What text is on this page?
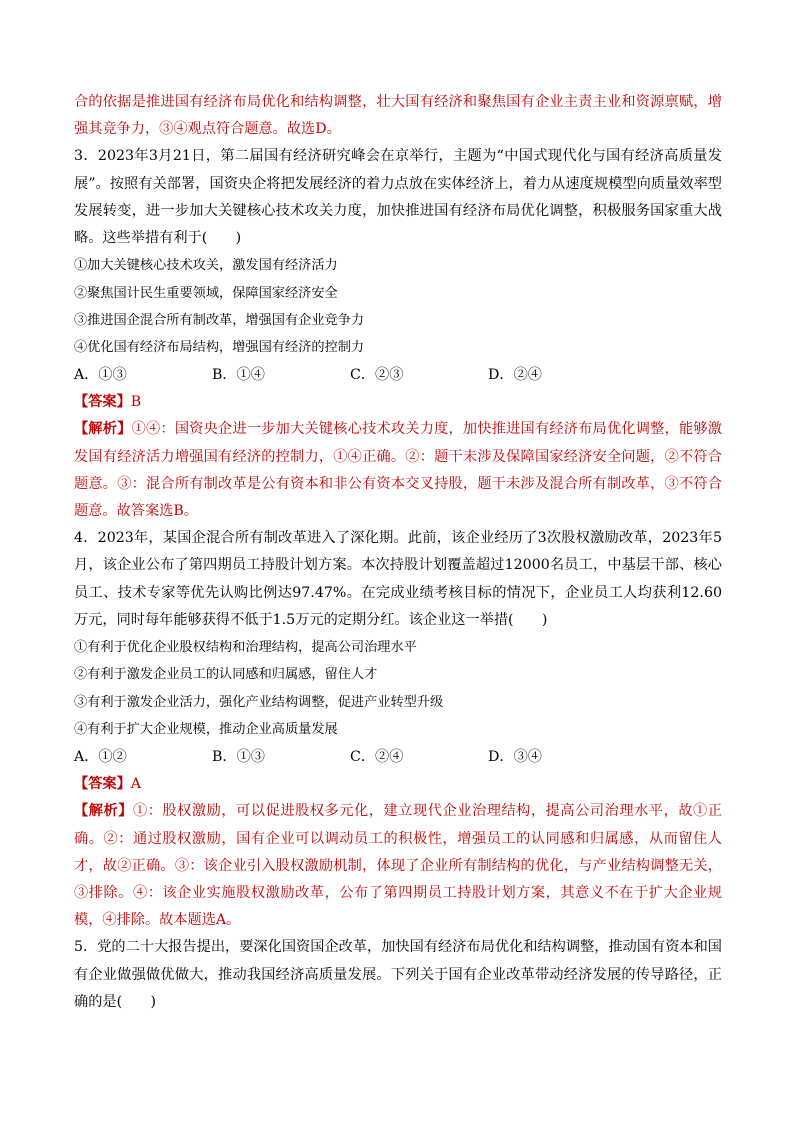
合的依据是推进国有经济布局优化和结构调整，壮大国有经济和聚焦国有企业主责主业和资源禀赋，增强其竞争力，③④观点符合题意。故选D。

3．2023年3月21日，第二届国有经济研究峰会在京举行，主题为“中国式现代化与国有经济高质量发展”。按照有关部署，国资央企将把发展经济的着力点放在实体经济上，着力从速度规模型向质量效率型发展转变，进一步加大关键核心技术攻关力度，加快推进国有经济布局优化调整，积极服务国家重大战略。这些举措有利于(　　)

①加大关键核心技术攻关，激发国有经济活力

②聚焦国计民生重要领域，保障国家经济安全

③推进国企混合所有制改革，增强国有企业竞争力

④优化国有经济布局结构，增强国有经济的控制力

A．①③	B．①④	C．②③	D．②④

【答案】B

【解析】①④：国资央企进一步加大关键核心技术攻关力度，加快推进国有经济布局优化调整，能够激发国有经济活力增强国有经济的控制力，①④正确。②：题干未涉及保障国家经济安全问题，②不符合题意。③：混合所有制改革是公有资本和非公有资本交叉持股，题干未涉及混合所有制改革，③不符合题意。故答案选B。

4．2023年，某国企混合所有制改革进入了深化期。此前，该企业经历了3次股权激励改革，2023年5月，该企业公布了第四期员工持股计划方案。本次持股计划覆盖超过12000名员工，中基层干部、核心员工、技术专家等优先认购比例达97.47%。在完成业绩考核目标的情况下，企业员工人均获利12.60万元，同时每年能够获得不低于1.5万元的定期分红。该企业这一举措(　　)

①有利于优化企业股权结构和治理结构，提高公司治理水平

②有利于激发企业员工的认同感和归属感，留住人才

③有利于激发企业活力，强化产业结构调整，促进产业转型升级

④有利于扩大企业规模，推动企业高质量发展

A．①②	B．①③	C．②④	D．③④

【答案】A

【解析】①：股权激励，可以促进股权多元化，建立现代企业治理结构，提高公司治理水平，故①正确。②：通过股权激励，国有企业可以调动员工的积极性，增强员工的认同感和归属感，从而留住人才，故②正确。③：该企业引入股权激励机制，体现了企业所有制结构的优化，与产业结构调整无关，③排除。④：该企业实施股权激励改革，公布了第四期员工持股计划方案，其意义不在于扩大企业规模，④排除。故本题选A。

5．党的二十大报告提出，要深化国资国企改革，加快国有经济布局优化和结构调整，推动国有资本和国有企业做强做优做大，推动我国经济高质量发展。下列关于国有企业改革带动经济发展的传导路径，正确的是(　　)
